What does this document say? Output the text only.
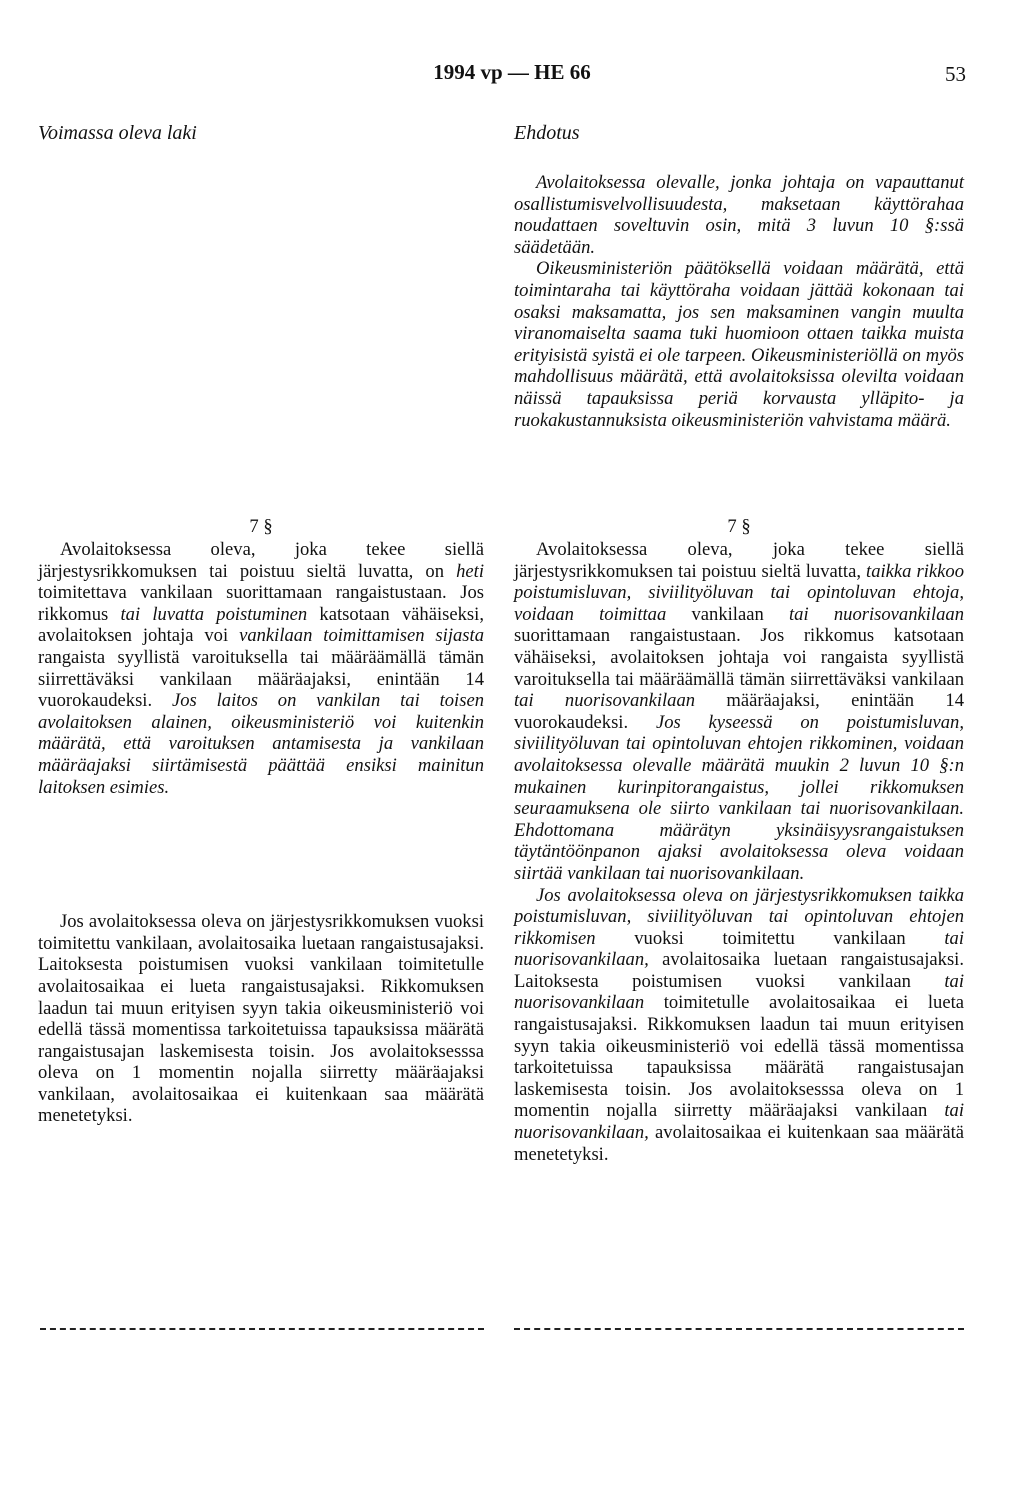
1994 vp — HE 66	53
Voimassa oleva laki	Ehdotus

Avolaitoksessa olevalle, jonka johtaja on vapauttanut osallistumisvelvollisuudesta, maksetaan käyttörahaa noudattaen soveltuvin osin, mitä 3 luvun 10 §:ssä säädetään.

Oikeusministeriön päätöksellä voidaan määrätä, että toimintaraha tai käyttöraha voidaan jättää kokonaan tai osaksi maksamatta, jos sen maksaminen vangin muulta viranomaiselta saama tuki huomioon ottaen taikka muista erityisistä syistä ei ole tarpeen. Oikeusministeriöllä on myös mahdollisuus määrätä, että avolaitoksissa olevilta voidaan näissä tapauksissa periä korvausta ylläpito- ja ruokakustannuksista oikeusministeriön vahvistama määrä.

7 §

Avolaitoksessa oleva, joka tekee siellä järjestysrikkomuksen tai poistuu sieltä luvatta, on heti toimitettava vankilaan suorittamaan rangaistustaan. Jos rikkomus tai luvatta poistuminen katsotaan vähäiseksi, avolaitoksen johtaja voi vankilaan toimittamisen sijasta rangaista syyllistä varoituksella tai määräämällä tämän siirrettäväksi vankilaan määräajaksi, enintään 14 vuorokaudeksi. Jos laitos on vankilan tai toisen avolaitoksen alainen, oikeusministeriö voi kuitenkin määrätä, että varoituksen antamisesta ja vankilaan määräajaksi siirtämisestä päättää ensiksi mainitun laitoksen esimies.

Jos avolaitoksessa oleva on järjestysrikkomuksen vuoksi toimitettu vankilaan, avolaitosaika luetaan rangaistusajaksi. Laitoksesta poistumisen vuoksi vankilaan toimitetulle avolaitosaikaa ei lueta rangaistusajaksi. Rikkomuksen laadun tai muun erityisen syyn takia oikeusministeriö voi edellä tässä momentissa tarkoitetuissa tapauksissa määrätä rangaistusajan laskemisesta toisin. Jos avolaitoksesssa oleva on 1 momentin nojalla siirretty määräajaksi vankilaan, avolaitosaikaa ei kuitenkaan saa määrätä menetetyksi.

7 §

Avolaitoksessa oleva, joka tekee siellä järjestysrikkomuksen tai poistuu sieltä luvatta, taikka rikkoo poistumisluvan, siviilityöluvan tai opintoluvan ehtoja, voidaan toimittaa vankilaan tai nuorisovankilaan suorittamaan rangaistustaan. Jos rikkomus katsotaan vähäiseksi, avolaitoksen johtaja voi rangaista syyllistä varoituksella tai määräämällä tämän siirrettäväksi vankilaan tai nuorisovankilaan määräajaksi, enintään 14 vuorokaudeksi. Jos kyseessä on poistumisluvan, siviilityöluvan tai opintoluvan ehtojen rikkominen, voidaan avolaitoksessa olevalle määrätä muukin 2 luvun 10 §:n mukainen kurinpitorangaistus, jollei rikkomuksen seuraamuksena ole siirto vankilaan tai nuorisovankilaan. Ehdottomana määrätyn yksinäisyysrangaistuksen täytäntöönpanon ajaksi avolaitoksessa oleva voidaan siirtää vankilaan tai nuorisovankilaan.

Jos avolaitoksessa oleva on järjestysrikkomuksen taikka poistumisluvan, siviilityöluvan tai opintoluvan ehtojen rikkomisen vuoksi toimitettu vankilaan tai nuorisovankilaan, avolaitosaika luetaan rangaistusajaksi. Laitoksesta poistumisen vuoksi vankilaan tai nuorisovankilaan toimitetulle avolaitosaikaa ei lueta rangaistusajaksi. Rikkomuksen laadun tai muun erityisen syyn takia oikeusministeriö voi edellä tässä momentissa tarkoitetuissa tapauksissa määrätä rangaistusajan laskemisesta toisin. Jos avolaitoksesssa oleva on 1 momentin nojalla siirretty määräajaksi vankilaan tai nuorisovankilaan, avolaitosaikaa ei kuitenkaan saa määrätä menetetyksi.
